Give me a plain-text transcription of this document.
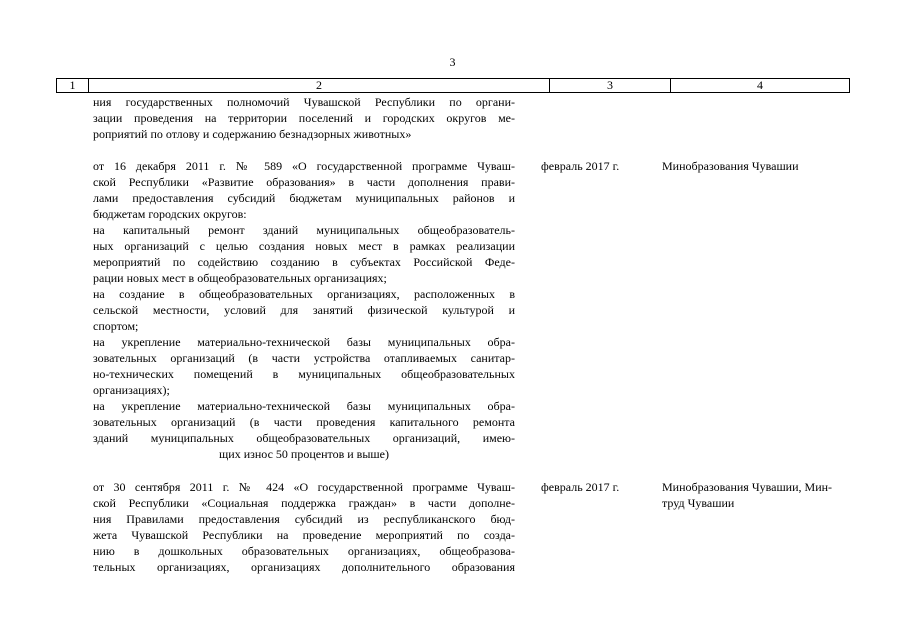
3
1	2	3	4

ния государственных полномочий Чувашской Республики по органи-

зации проведения на территории поселений и городских округов ме-

роприятий по отлову и содержанию безнадзорных животных»

от 16 декабря 2011 г. № 589 «О государственной программе Чуваш-

ской Республики «Развитие образования» в части дополнения прави-

лами предоставления субсидий бюджетам муниципальных районов и

бюджетам городских округов:

на капитальный ремонт зданий муниципальных общеобразователь-

ных организаций с целью создания новых мест в рамках реализации

мероприятий по содействию созданию в субъектах Российской Феде-

рации новых мест в общеобразовательных организациях;

на создание в общеобразовательных организациях, расположенных в

сельской местности, условий для занятий физической культурой и

спортом;

на укрепление материально-технической базы муниципальных обра-

зовательных организаций (в части устройства отапливаемых санитар-

но-технических помещений в муниципальных общеобразовательных

организациях);

на укрепление материально-технической базы муниципальных обра-

зовательных организаций (в части проведения капитального ремонта

зданий муниципальных общеобразовательных организаций, имею-

щих износ 50 процентов и выше)

февраль 2017 г.	Минобразования Чувашии

от 30 сентября 2011 г. № 424 «О государственной программе Чуваш-

ской Республики «Социальная поддержка граждан» в части дополне-

ния Правилами предоставления субсидий из республиканского бюд-

жета Чувашской Республики на проведение мероприятий по созда-

нию в дошкольных образовательных организациях, общеобразова-

тельных организациях, организациях дополнительного образования

февраль 2017 г.	Минобразования Чувашии, Мин-
труд Чувашии
